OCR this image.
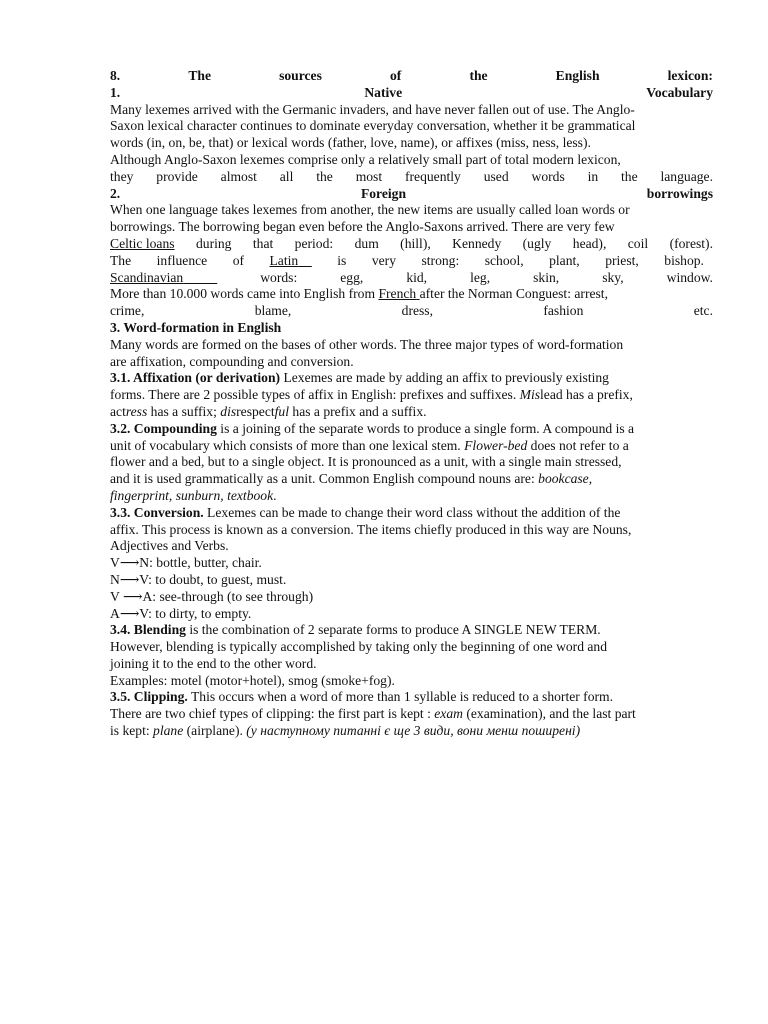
8.	The	sources	of	the	English	lexicon:
1.	Native	Vocabulary
Many lexemes arrived with the Germanic invaders, and have never fallen out of use. The Anglo-
Saxon lexical character continues to dominate everyday conversation, whether it be grammatical
words (in, on, be, that) or lexical words (father, love, name), or affixes (miss, ness, less).
Although Anglo-Saxon lexemes comprise only a relatively small part of total modern lexicon,
they provide almost all the most frequently used words in the language.
2.	Foreign	borrowings
When one language takes lexemes from another, the new items are usually called loan words or
borrowings. The borrowing began even before the Anglo-Saxons arrived. There are very few
Celtic loans during that period: dum (hill), Kennedy (ugly head), coil (forest).
The influence of Latin	is very strong: school, plant, priest, bishop.
Scandinavian	words:	egg,	kid,	leg,	skin,	sky,	window.
More than 10.000 words came into English from French after the Norman Conguest: arrest,
crime,	blame,	dress,	fashion	etc.
3. Word-formation in English
Many words are formed on the bases of other words. The three major types of word-formation
are affixation, compounding and conversion.
3.1. Affixation (or derivation) Lexemes are made by adding an affix to previously existing
forms. There are 2 possible types of affix in English: prefixes and suffixes. Mislead has a prefix,
actress has a suffix; disrespectful has a prefix and a suffix.
3.2. Compounding is a joining of the separate words to produce a single form. A compound is a
unit of vocabulary which consists of more than one lexical stem. Flower-bed does not refer to a
flower and a bed, but to a single object. It is pronounced as a unit, with a single main stressed,
and it is used grammatically as a unit. Common English compound nouns are: bookcase,
fingerprint, sunburn, textbook.
3.3. Conversion. Lexemes can be made to change their word class without the addition of the
affix. This process is known as a conversion. The items chiefly produced in this way are Nouns,
Adjectives and Verbs.
V⟶N: bottle, butter, chair.
N⟶V: to doubt, to guest, must.
V ⟶A: see-through (to see through)
A⟶V: to dirty, to empty.
3.4. Blending is the combination of 2 separate forms to produce A SINGLE NEW TERM.
However, blending is typically accomplished by taking only the beginning of one word and
joining it to the end to the other word.
Examples: motel (motor+hotel), smog (smoke+fog).
3.5. Clipping. This occurs when a word of more than 1 syllable is reduced to a shorter form.
There are two chief types of clipping: the first part is kept : exam (examination), and the last part
is kept: plane (airplane). (у наступному питанні є ще 3 види, вони менш поширені)
